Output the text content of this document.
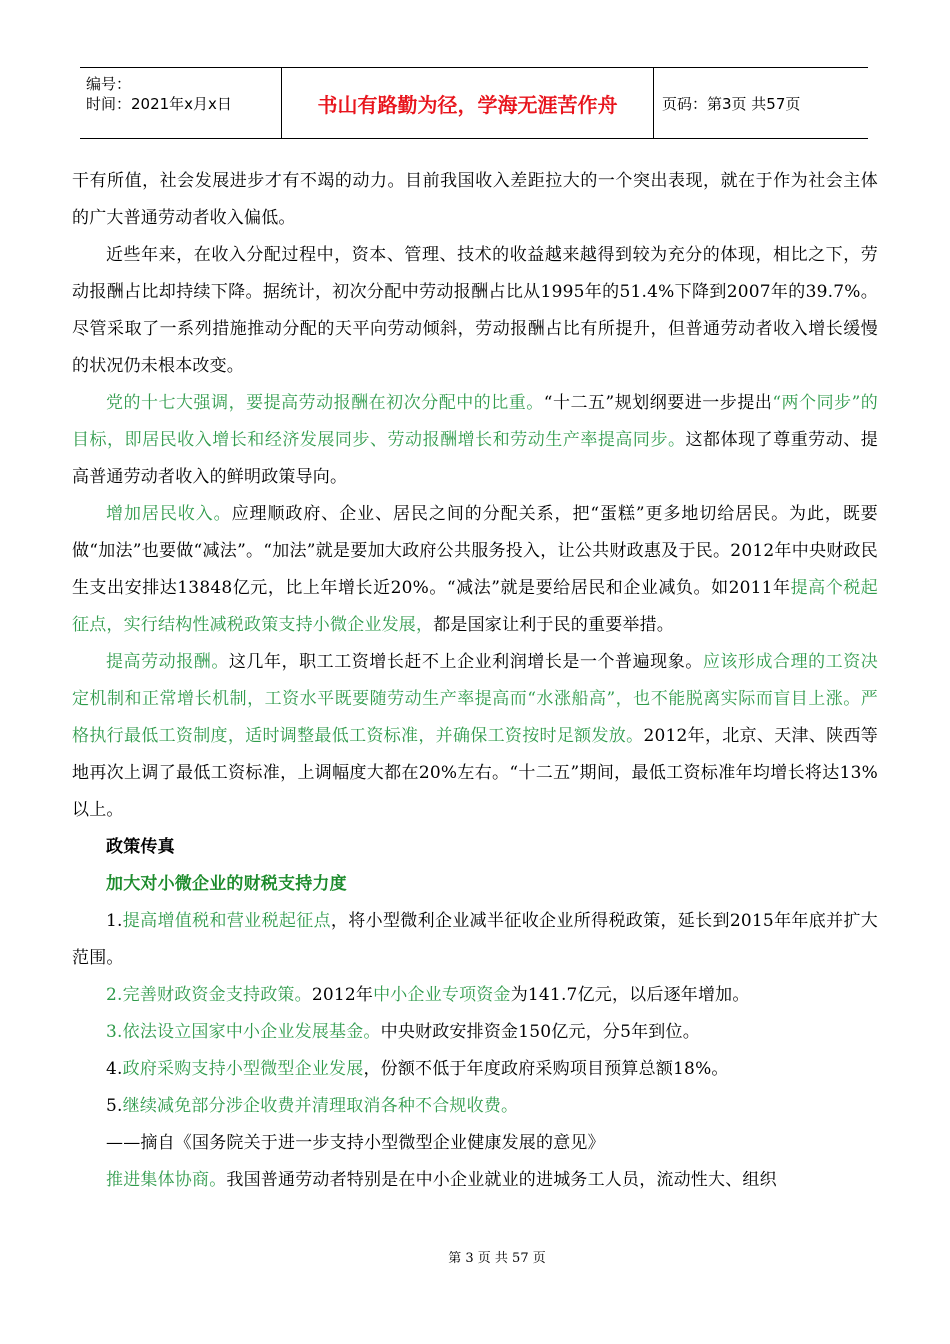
编号：
时间：2021年x月x日	书山有路勤为径，学海无涯苦作舟	页码：第3页 共57页

干有所值，社会发展进步才有不竭的动力。目前我国收入差距拉大的一个突出表现，就在于作为社会主体的广大普通劳动者收入偏低。

近些年来，在收入分配过程中，资本、管理、技术的收益越来越得到较为充分的体现，相比之下，劳动报酬占比却持续下降。据统计，初次分配中劳动报酬占比从1995年的51.4%下降到2007年的39.7%。尽管采取了一系列措施推动分配的天平向劳动倾斜，劳动报酬占比有所提升，但普通劳动者收入增长缓慢的状况仍未根本改变。

党的十七大强调，要提高劳动报酬在初次分配中的比重。“十二五”规划纲要进一步提出“两个同步”的目标，即居民收入增长和经济发展同步、劳动报酬增长和劳动生产率提高同步。这都体现了尊重劳动、提高普通劳动者收入的鲜明政策导向。

增加居民收入。应理顺政府、企业、居民之间的分配关系，把“蛋糕”更多地切给居民。为此，既要做“加法”也要做“减法”。“加法”就是要加大政府公共服务投入，让公共财政惠及于民。2012年中央财政民生支出安排达13848亿元，比上年增长近20%。“减法”就是要给居民和企业减负。如2011年提高个税起征点，实行结构性减税政策支持小微企业发展，都是国家让利于民的重要举措。

提高劳动报酬。这几年，职工工资增长赶不上企业利润增长是一个普遍现象。应该形成合理的工资决定机制和正常增长机制，工资水平既要随劳动生产率提高而“水涨船高”，也不能脱离实际而盲目上涨。严格执行最低工资制度，适时调整最低工资标准，并确保工资按时足额发放。2012年，北京、天津、陕西等地再次上调了最低工资标准，上调幅度大都在20%左右。“十二五”期间，最低工资标准年均增长将达13%以上。

政策传真

加大对小微企业的财税支持力度

1.提高增值税和营业税起征点，将小型微利企业减半征收企业所得税政策，延长到2015年年底并扩大范围。

2.完善财政资金支持政策。2012年中小企业专项资金为141.7亿元，以后逐年增加。

3.依法设立国家中小企业发展基金。中央财政安排资金150亿元，分5年到位。

4.政府采购支持小型微型企业发展，份额不低于年度政府采购项目预算总额18%。

5.继续减免部分涉企收费并清理取消各种不合规收费。

——摘自《国务院关于进一步支持小型微型企业健康发展的意见》

推进集体协商。我国普通劳动者特别是在中小企业就业的进城务工人员，流动性大、组织

第 3 页 共 57 页
